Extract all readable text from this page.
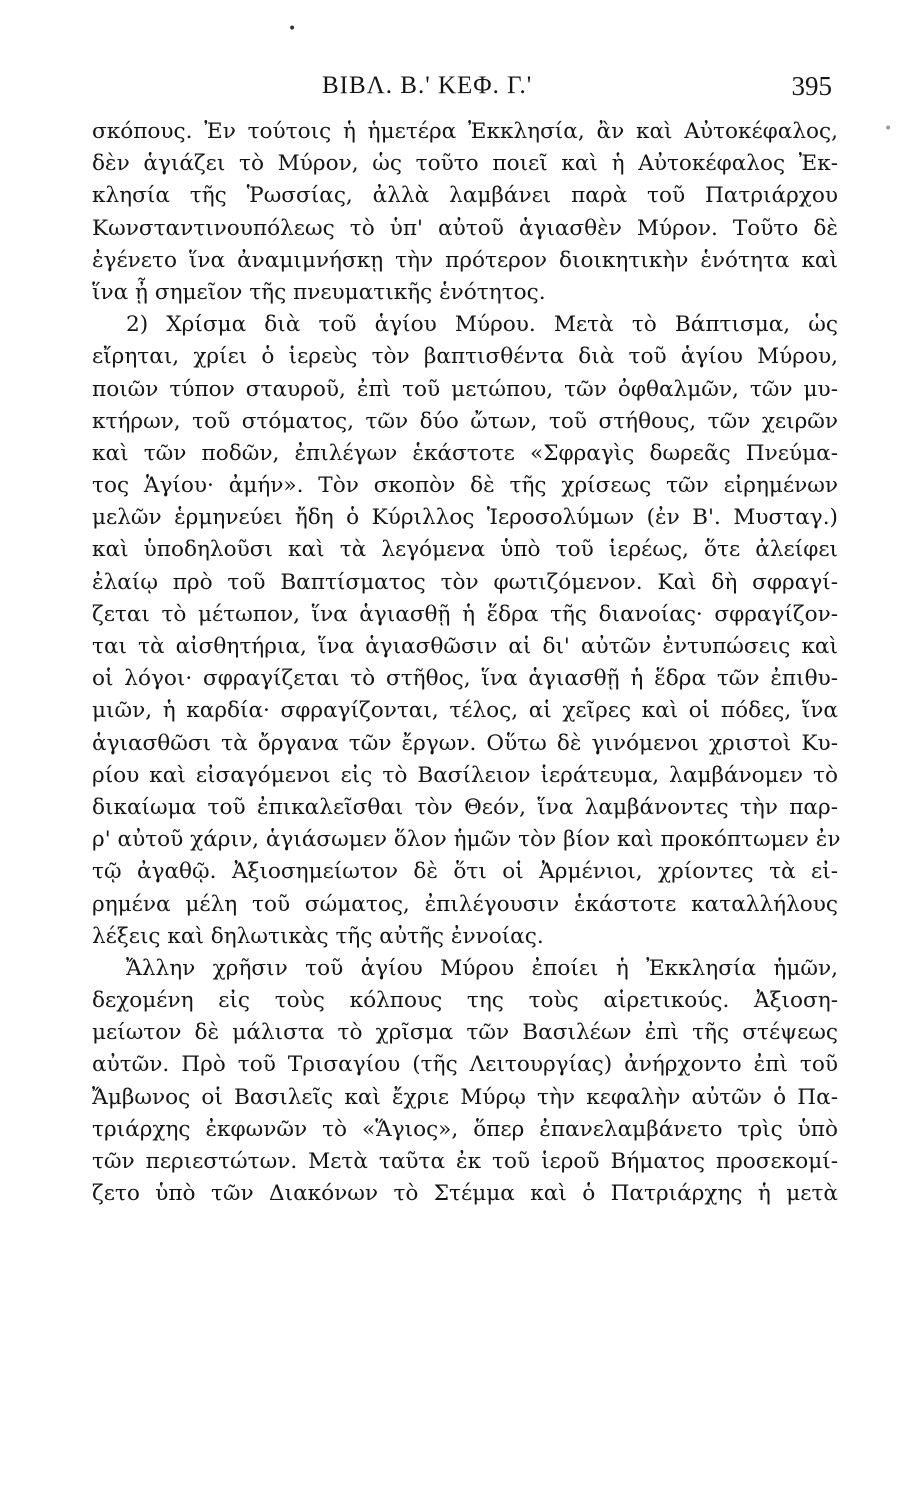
•
•
ΒΙΒΛ. Β.' ΚΕΦ. Γ.'	395
σκόπους. Ἐν τούτοις ἡ ἡμετέρα Ἐκκλησία, ἂν καὶ Αὐτοκέφαλος,
δὲν ἁγιάζει τὸ Μύρον, ὡς τοῦτο ποιεῖ καὶ ἡ Αὐτοκέφαλος Ἐκ-
κλησία τῆς Ῥωσσίας, ἀλλὰ λαμβάνει παρὰ τοῦ Πατριάρχου
Κωνσταντινουπόλεως τὸ ὑπ' αὐτοῦ ἁγιασθὲν Μύρον. Τοῦτο δὲ
ἐγένετο ἵνα ἀναμιμνήσκῃ τὴν πρότερον διοικητικὴν ἑνότητα καὶ
ἵνα ᾖ σημεῖον τῆς πνευματικῆς ἑνότητος.
2) Χρίσμα διὰ τοῦ ἁγίου Μύρου. Μετὰ τὸ Βάπτισμα, ὡς
εἴρηται, χρίει ὁ ἱερεὺς τὸν βαπτισθέντα διὰ τοῦ ἁγίου Μύρου,
ποιῶν τύπον σταυροῦ, ἐπὶ τοῦ μετώπου, τῶν ὀφθαλμῶν, τῶν μυ-
κτήρων, τοῦ στόματος, τῶν δύο ὤτων, τοῦ στήθους, τῶν χειρῶν
καὶ τῶν ποδῶν, ἐπιλέγων ἑκάστοτε «Σφραγὶς δωρεᾶς Πνεύμα-
τος Ἁγίου· ἀμήν». Τὸν σκοπὸν δὲ τῆς χρίσεως τῶν εἰρημένων
μελῶν ἑρμηνεύει ἤδη ὁ Κύριλλος Ἱεροσολύμων (ἐν Β'. Μυσταγ.)
καὶ ὑποδηλοῦσι καὶ τὰ λεγόμενα ὑπὸ τοῦ ἱερέως, ὅτε ἀλείφει
ἐλαίῳ πρὸ τοῦ Βαπτίσματος τὸν φωτιζόμενον. Καὶ δὴ σφραγί-
ζεται τὸ μέτωπον, ἵνα ἁγιασθῇ ἡ ἕδρα τῆς διανοίας· σφραγίζον-
ται τὰ αἰσθητήρια, ἵνα ἁγιασθῶσιν αἱ δι' αὐτῶν ἐντυπώσεις καὶ
οἱ λόγοι· σφραγίζεται τὸ στῆθος, ἵνα ἁγιασθῇ ἡ ἕδρα τῶν ἐπιθυ-
μιῶν, ἡ καρδία· σφραγίζονται, τέλος, αἱ χεῖρες καὶ οἱ πόδες, ἵνα
ἁγιασθῶσι τὰ ὄργανα τῶν ἔργων. Οὕτω δὲ γινόμενοι χριστοὶ Κυ-
ρίου καὶ εἰσαγόμενοι εἰς τὸ Βασίλειον ἱεράτευμα, λαμβάνομεν τὸ
δικαίωμα τοῦ ἐπικαλεῖσθαι τὸν Θεόν, ἵνα λαμβάνοντες τὴν παρ-
ρ' αὐτοῦ χάριν, ἁγιάσωμεν ὅλον ἡμῶν τὸν βίον καὶ προκόπτωμεν ἐν
τῷ ἀγαθῷ. Ἀξιοσημείωτον δὲ ὅτι οἱ Ἀρμένιοι, χρίοντες τὰ εἰ-
ρημένα μέλη τοῦ σώματος, ἐπιλέγουσιν ἑκάστοτε καταλλήλους
λέξεις καὶ δηλωτικὰς τῆς αὐτῆς ἐννοίας.
Ἄλλην χρῆσιν τοῦ ἁγίου Μύρου ἐποίει ἡ Ἐκκλησία ἡμῶν,
δεχομένη εἰς τοὺς κόλπους της τοὺς αἱρετικούς. Ἀξιοση-
μείωτον δὲ μάλιστα τὸ χρῖσμα τῶν Βασιλέων ἐπὶ τῆς στέψεως
αὐτῶν. Πρὸ τοῦ Τρισαγίου (τῆς Λειτουργίας) ἀνήρχοντο ἐπὶ τοῦ
Ἄμβωνος οἱ Βασιλεῖς καὶ ἔχριε Μύρῳ τὴν κεφαλὴν αὐτῶν ὁ Πα-
τριάρχης ἐκφωνῶν τὸ «Ἅγιος», ὅπερ ἐπανελαμβάνετο τρὶς ὑπὸ
τῶν περιεστώτων. Μετὰ ταῦτα ἐκ τοῦ ἱεροῦ Βήματος προσεκομί-
ζετο ὑπὸ τῶν Διακόνων τὸ Στέμμα καὶ ὁ Πατριάρχης ἡ μετὰ
